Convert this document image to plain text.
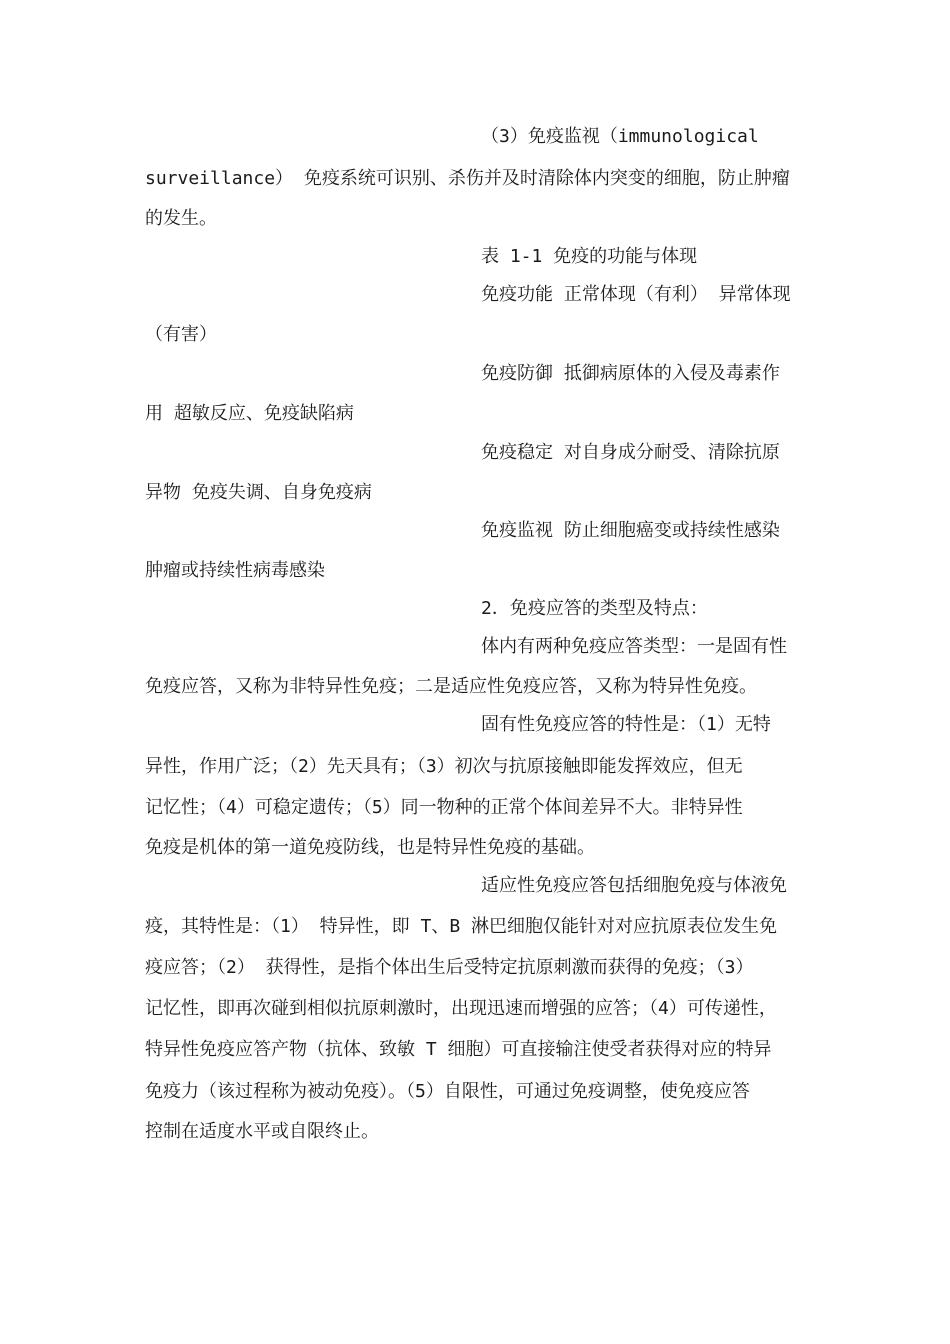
（3）免疫监视（immunological
surveillance） 免疫系统可识别、杀伤并及时清除体内突变的细胞，防止肿瘤
的发生。
表 1-1 免疫的功能与体现
免疫功能 正常体现（有利） 异常体现
（有害）
免疫防御 抵御病原体的入侵及毒素作
用 超敏反应、免疫缺陷病
免疫稳定 对自身成分耐受、清除抗原
异物 免疫失调、自身免疫病
免疫监视 防止细胞癌变或持续性感染
肿瘤或持续性病毒感染
2．免疫应答的类型及特点：
体内有两种免疫应答类型：一是固有性
免疫应答，又称为非特异性免疫；二是适应性免疫应答，又称为特异性免疫。
固有性免疫应答的特性是：（1）无特
异性，作用广泛；（2）先天具有；（3）初次与抗原接触即能发挥效应，但无
记忆性；（4）可稳定遗传；（5）同一物种的正常个体间差异不大。非特异性
免疫是机体的第一道免疫防线，也是特异性免疫的基础。
适应性免疫应答包括细胞免疫与体液免
疫，其特性是：（1） 特异性，即 T、B 淋巴细胞仅能针对对应抗原表位发生免
疫应答；（2） 获得性，是指个体出生后受特定抗原刺激而获得的免疫；（3）
记忆性，即再次碰到相似抗原刺激时，出现迅速而增强的应答；（4）可传递性，
特异性免疫应答产物（抗体、致敏 T 细胞）可直接输注使受者获得对应的特异
免疫力（该过程称为被动免疫）。（5）自限性，可通过免疫调整，使免疫应答
控制在适度水平或自限终止。
